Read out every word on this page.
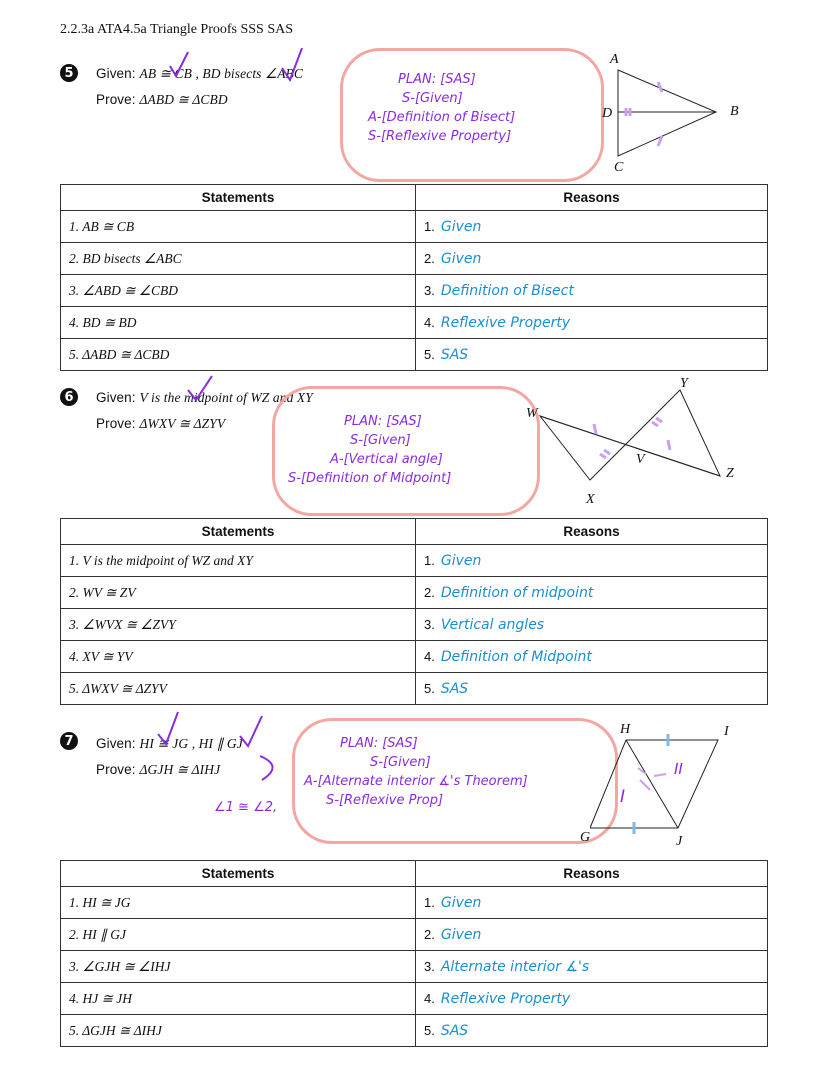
2.2.3a ATA4.5a Triangle Proofs SSS SAS
5	Given: AB ≅ CB , BD bisects ∠ABC
Prove: ΔABD ≅ ΔCBD
PLAN: [SAS]
S-[Given]
A-[Definition of Bisect]
S-[Reflexive Property]
A
B
C
D
Statements	Reasons
1. AB ≅ CB	1. Given
2. BD bisects ∠ABC	2. Given
3. ∠ABD ≅ ∠CBD	3. Definition of Bisect
4. BD ≅ BD	4. Reflexive Property
5. ΔABD ≅ ΔCBD	5. SAS
6	Given: V is the midpoint of WZ and XY
Prove: ΔWXV ≅ ΔZYV	PLAN: [SAS]
S-[Given]
A-[Vertical angle]
S-[Definition of Midpoint]
W
X
V
Y
Z
Statements	Reasons
1. V is the midpoint of WZ and XY	1. Given
2. WV ≅ ZV	2. Definition of midpoint
3. ∠WVX ≅ ∠ZVY	3. Vertical angles
4. XV ≅ YV	4. Definition of Midpoint
5. ΔWXV ≅ ΔZYV	5. SAS
7	Given: HI ≅ JG , HI ∥ GJ
Prove: ΔGJH ≅ ΔIHJ
∠1 ≅ ∠2,
PLAN: [SAS]
S-[Given]
A-[Alternate interior ∡'s Theorem]
S-[Reflexive Prop]
H	I
G	J
I
II
Statements	Reasons
1. HI ≅ JG	1. Given
2. HI ∥ GJ	2. Given
3. ∠GJH ≅ ∠IHJ	3. Alternate interior ∡'s
4. HJ ≅ JH	4. Reflexive Property
5. ΔGJH ≅ ΔIHJ	5. SAS
